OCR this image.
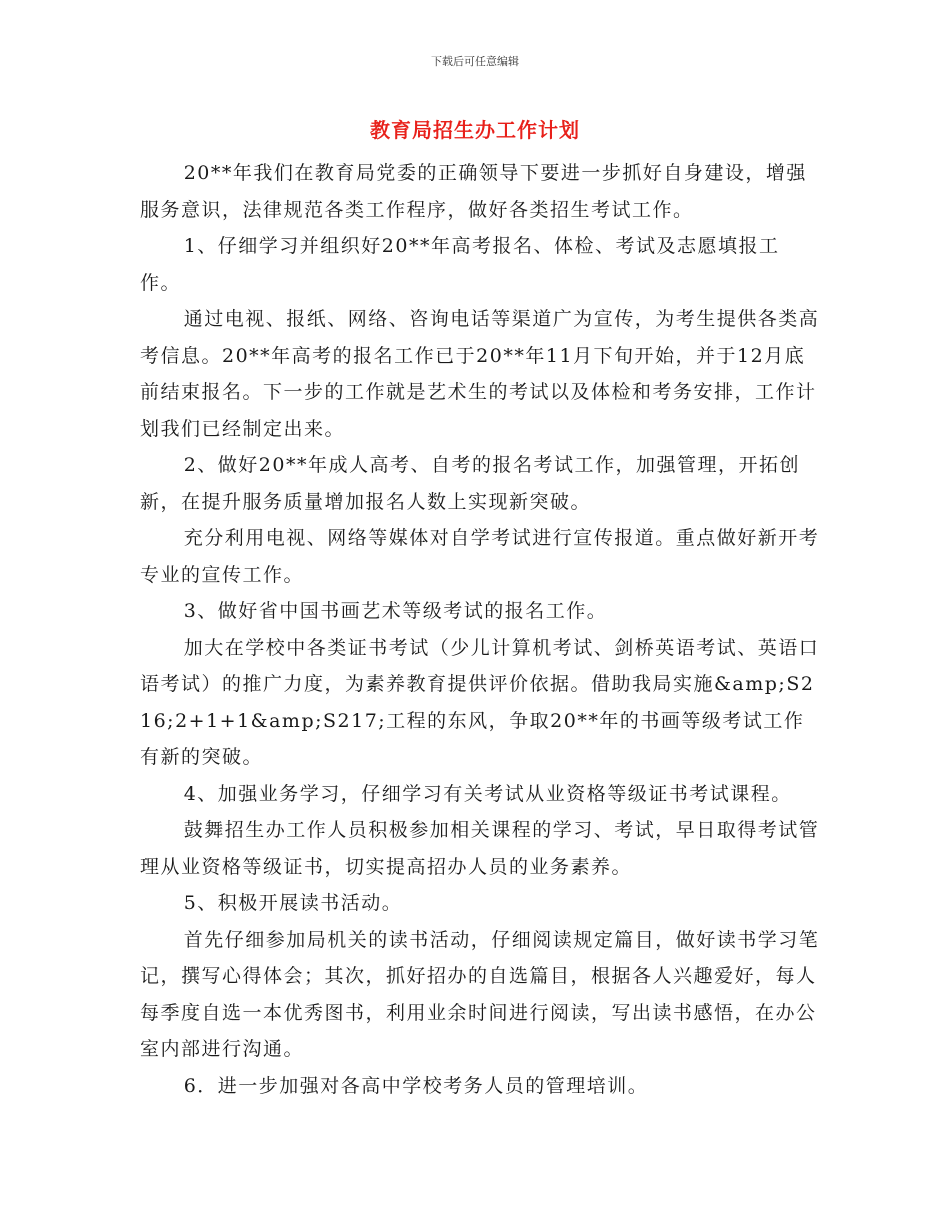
下载后可任意编辑
教育局招生办工作计划

20**年我们在教育局党委的正确领导下要进一步抓好自身建设，增强服务意识，法律规范各类工作程序，做好各类招生考试工作。

1、仔细学习并组织好20**年高考报名、体检、考试及志愿填报工作。

通过电视、报纸、网络、咨询电话等渠道广为宣传，为考生提供各类高考信息。20**年高考的报名工作已于20**年11月下旬开始，并于12月底前结束报名。下一步的工作就是艺术生的考试以及体检和考务安排，工作计划我们已经制定出来。

2、做好20**年成人高考、自考的报名考试工作，加强管理，开拓创新，在提升服务质量增加报名人数上实现新突破。

充分利用电视、网络等媒体对自学考试进行宣传报道。重点做好新开考专业的宣传工作。

3、做好省中国书画艺术等级考试的报名工作。

加大在学校中各类证书考试（少儿计算机考试、剑桥英语考试、英语口语考试）的推广力度，为素养教育提供评价依据。借助我局实施&amp;S216;2+1+1&amp;S217;工程的东风，争取20**年的书画等级考试工作有新的突破。

4、加强业务学习，仔细学习有关考试从业资格等级证书考试课程。

鼓舞招生办工作人员积极参加相关课程的学习、考试，早日取得考试管理从业资格等级证书，切实提高招办人员的业务素养。

5、积极开展读书活动。

首先仔细参加局机关的读书活动，仔细阅读规定篇目，做好读书学习笔记，撰写心得体会；其次，抓好招办的自选篇目，根据各人兴趣爱好，每人每季度自选一本优秀图书，利用业余时间进行阅读，写出读书感悟，在办公室内部进行沟通。

6．进一步加强对各高中学校考务人员的管理培训。
